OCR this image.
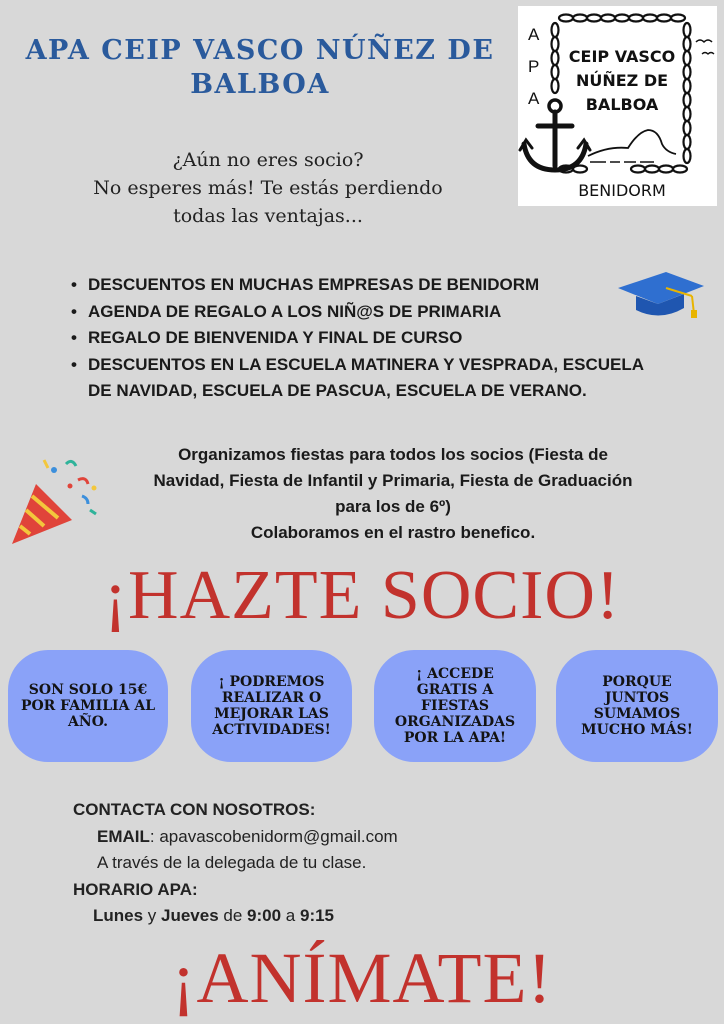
APA CEIP VASCO NÚÑEZ DE
BALBOA
A
P
A
CEIP VASCO
NÚÑEZ DE
BALBOA
BENIDORM
¿Aún no eres socio?
No esperes más! Te estás perdiendo
todas las ventajas...
• DESCUENTOS EN MUCHAS EMPRESAS DE BENIDORM
• AGENDA DE REGALO A LOS NIÑ@S DE PRIMARIA
• REGALO DE BIENVENIDA Y FINAL DE CURSO
• DESCUENTOS EN LA ESCUELA MATINERA Y VESPRADA, ESCUELA DE NAVIDAD, ESCUELA DE PASCUA, ESCUELA DE VERANO.
Organizamos fiestas para todos los socios (Fiesta de
Navidad, Fiesta de Infantil y Primaria, Fiesta de Graduación
para los de 6º)
Colaboramos en el rastro benefico.
¡HAZTE SOCIO!
SON SOLO 15€
POR FAMILIA AL
AÑO.
¡ PODREMOS
REALIZAR O
MEJORAR LAS
ACTIVIDADES!
¡ ACCEDE
GRATIS A
FIESTAS
ORGANIZADAS
POR LA APA!
PORQUE
JUNTOS
SUMAMOS
MUCHO MÁS!
CONTACTA CON NOSOTROS:
EMAIL: apavascobenidorm@gmail.com
A través de la delegada de tu clase.
HORARIO APA:
Lunes y Jueves de 9:00 a 9:15
¡ANÍMATE!
